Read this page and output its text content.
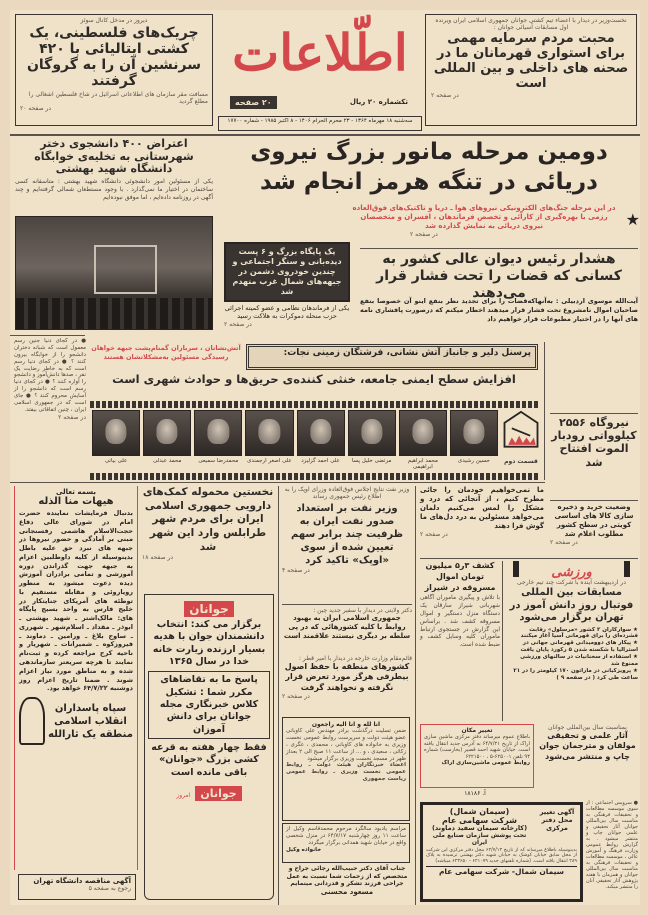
دیروز در مدخل کانال سوئز
چریک‌های فلسطینی، یک کشتی ایتالیائی با ۴۲۰ سرنشین آن را به گروگان گرفتند
مسافت مقر سازمان های اطلاعاتی اسرائیل در شاخ فلسطین اشغالی را مطلع گردید
در صفحه ۲۰
اطّلاعات
۲۰ صفحه	تکشماره ۲۰ ریال
نخست‌وزیر در دیدار با اعضاء تیم کشتی جوانان جمهوری اسلامی ایران ویرنده اول مسابقات آسیائی جوانان :
محبت مردم سرمایه مهمی برای استواری قهرمانان ما در صحنه های داخلی و بین المللی است
در صفحه ۲
سه‌شنبه ۱۸ مهرماه ۱۳۶۴ - ۲۳ محرم الحرام ۱۴۰۶ - ۸ اکتبر ۱۹۸۵ - شماره ۱۷۷۰۰
اعتراض ۴۰۰ دانشجوی دختر شهرستانی به تخلیه‌ی خوابگاه دانشگاه شهید بهشتی
یکی از مسئولین امور دانشجوئی دانشگاه شهید بهشتی : متاسفانه کسی ساختمان در اختیار ما نمی‌گذارد . با وجود مستطعان شمالی گرفته‌ایم و چند آگهی در روزنامه داده‌ایم ، اما موفق نبوده‌ایم
دومین مرحله مانور بزرگ نیروی دریائی در تنگه هرمز انجام شد
★
در این مرحله جنگ‌های الکترونیکی نیروهای هوا ـ دریا و تاکتیک‌های فوق‌العاده رزمی با بهره‌گیری از کارآئی و تخصص فرماندهان ، افسران و متخصصان نیروی دریائی به نمایش گذارده شد
در صفحه ۲
یک پایگاه بزرگ و ۶ پست دیده‌بانی و سنگر اجتماعی و چندین خودروی دشمن در جبهه‌های شمال غرب منهدم شد
یکی از فرماندهان نظامی و عضو کمیته اجرائی حزب منحله دموکرات به هلاکت رسید
در صفحه ۲
هشدار رئیس دیوان عالی کشور به کسانی که قضات را تحت فشار قرار می‌دهند
آیت‌الله موسوی اردبیلی : به‌آنهاکه‌قضات را برای تجدید نظر بنفع اینو آن خصوصا بنفع صاحبان اموال نامشروع تحت فشار قرار میدهند اخطار میکنم که درصورت پافشاری نامه های آنها را در اختیار مطبوعات قرار خواهیم داد
● در کجای دنیا جنین رسم معمول است که شبانه دختران دانشجو را از خوابگاه بیرون کنند ؟ ● در کجای دنیا رسم است که به خاطر رضایت یک نفر ، صدها دانش‌آموز و دانشجو را آواره کنند ؟ ● در کجای دنیا رسم است که دانشجو را از آسایش محروم کنند ؟ ● جای است که در جمهوری اسلامی ایران ، چنین اتفاقاتی بیفتد.
در صفحه ۲
آتش‌نشانان ، سربازان گمنام‌پشت جبهه خواهان رسیدگی مسئولین به‌مشکلاتشان هستند	پرسنل دلیر و جانباز آتش نشانی، فرشتگان زمینی نجات:
افزایش سطح ایمنی جامعه، خنثی کننده‌ی حریق‌ها و حوادث شهری است
قسمت دوم
حسین رشیدی
محمد ابراهیم ابراهیمی
مرتضی خلیل پسا
علی احمد گزلیزد
علی اصغر ارجمندی
محمدرضا سمیعی
محمد عبدلی
علی بیاتی
نیروگاه ۲۵۵۶ کیلوواتی رودبار الموت افتتاح شد
وضعیت خرید و ذخیره سازی کالا های اساسی کویتی در سطح کشور مطلوب اعلام شد
در صفحه ۲
بسمه تعالی
هیهات منا الذله
بدنبال فرمایشات نماینده حضرت امام در شورای عالی دفاع حجت‌الاسلام هاشمی رفسنجانی مبنی بر آمادگی و حضور نیروها در جبهه های نبرد حق علیه باطل بدینوسیله از کلیه داوطلبین اعزام به جبهه جهت گذراندن دوره آموزشی و تمامی برادران آموزش دیده دعوت میشود به منظور رویاروئی و مقابله مستقیم با توطئه های آمریکای جنایتکار در خلیج فارس به واحد بسیج پایگاه های: مالک‌اشتر ـ شهید بهشتی ـ ابوذر ـ مقداد ـ اسلام‌شهر ـ شهرری ـ ساوج بلاغ ـ ورامین ـ دماوند ـ فیروزکوه ـ شمیرانات ـ شهریار و ناحیه کرج مراجعه کرده و ثبت‌نام نمایند تا هرچه سریعتر سازماندهی شده و به مناطق مورد نیاز اعزام شوند . ضمنا تاریخ اعزام روز دوشنبه ۶۴/۷/۲۲ خواهد بود.
سپاه پاسداران انقلاب اسلامی منطقه یک ثارالله
آگهی مناقصه دانشگاه تهران
رجوع به صفحه ۵
نخستین محموله کمک‌های دارویی جمهوری اسلامی ایران برای مردم شهر طرابلس وارد این شهر شد
در صفحه ۱۸
جوانان
برگزار می کند: انتخاب دانشمندان جوان با هدیه بسیار ارزنده زیارت خانه خدا در سال ۱۳۶۵
پاسخ ما به تقاضاهای مکرر شما : تشکیل کلاس خبرنگاری مجله جوانان برای دانش آموزان
فقط چهار هفته به قرعه کشی بزرگ «جوانان» باقی مانده است
جوانان امروز
وزیر نفت نتایج اجلاس فوق‌العاده وزرای اوپک را به اطلاع رئیس جمهوری رساند
وزیر نفت بر استعداد صدور نفت ایران به ظرفیت چند برابر سهم تعیین شده از سوی «اوپک» تاکید کرد
در صفحه ۴
دکتر ولایتی در دیدار با سفیر جدید چین :
جمهوری اسلامی ایران به بهبود روابط با کلیه کشورهائی که در پی سلطه بر دیگری نیستند علاقمند است
قائم‌مقام وزارت خارجه در دیدار با امیر قطر :
کشورهای منطقه با حفظ اصول بیطرفی هرگز مورد تعرض قرار نگرفته و نخواهند گرفت
در صفحه ۲
انا لله و انا الیه راجعون
ضمن تسلیت درگذشت برادر مهندس علی کاوبانی عضو هیئت دولت و سرپرست روابط عمومی نخست وزیری به خانواده های کاوبانی ، محمدی ، عگری ، زکائی ، سعیدی ، و ... از ساعت ۱۱ صبح الی ۲ بعداز ظهر در مسجد نخست وزیری برگزار میشود
اعضاء خبرنگاران هیئت دولت ـ روابط عمومی نخست وزیری ـ روابط عمومی ریاست جمهوری
مراسم یادبود سالگرد مرحوم محمدقاسم وکیل از ساعت ۱۱ روز چهارشنبه ۶۴/۷/۱۷ در منزل شخصی واقع در خیابان شهید همدانی برگزار میگردد
خانواده وکیل
جناب آقای دکتر حبیب‌الله رجائی جراح و متخصص که از زحمات شما نسبت به عمل جراحی فرزند تشکر و قدردانی مینمایم
مسعود محسنی
ما نمی‌خواهیم خودمان را جائی مطرح کنیم ، از آنجائی که درد و مشکل را لمس می‌کنیم دلمان می‌خواهد مسئولین به درد دل‌های ما گوش فرا دهند
در صفحه ۲
کشف ۳ر۵ میلیون تومان اموال مسروقه در شیراز
با تلاش و پیگیری ماموران آگاهی شهربانی شیراز سارقان یک دستگاه منزل دستگیر و اموال مسروقه کشف شد . براساس این گزارش در جستجوی ارتباط ماموران کلیه وسایل کشف و ضبط شده است.
ورزشی
در اردیبهشت آینده با شرکت چند تیم خارجی
مسابقات بین المللی فوتبال روز دانش آموز در تهران برگزار می‌شود
★ سوارکاران ۲ کشور «مرسلول» رقابت فشرده‌ای را برای قهرمانی آسیا آغاز میکنند
★ پیکار های دوومیدانی قهرمانی جهانی در استرالیا با شکسته شدن ۵ رکورد پایان یافت
★ استفاده از سخنانیات در سالنهای ورزشی ممنوع شد
★ پرویزکیانی در ماراتون ۱۷۰ کیلومتر را در ۲۱ ساعت طی کرد ( در صفحه ۹ )
تغییر مکان
باطلاع عموم میرساند دفتر مرکزی ماشین سازی اراک از تاریخ ۶۴/۷/۲۱ به آدرس جدید انتقال یافته است. خیابان شهید احمد قصیر (بخارست) شماره ۹۴ تلفن ۶۲۵۰۰۱-۵ ، ۶۲۲۱۵۰۰
روابط عمومی ماشین‌سازی اراک
آ. ۱۸۱۸۶
بمناسبت سال بین‌المللی جوانان
آثار علمی و تحقیقی مولفان و مترجمان جوان چاپ و منتشر می‌شود
● سرویس اجتماعی : از سوی موسسه مطالعات و تحقیقات فرهنگی به مناسبت سال بین‌المللی جوانان آثار تحقیقی و علمی جوانان چاپ و منتشر میشود . به گزارش روابط عمومی وزارت فرهنگ و آموزش عالی ، موسسه مطالعات و تحقیقات فرهنگی به مناسبت سال بین‌المللی جوانان و همزمان با هفته پژوهش آثار تحقیقی آنان را منتشر میکند.
آگهی تغییر محل دفتر مرکزی
(سیمان شمال)
شرکت سهامی عام
(کارخانه سیمان سفید دماوند)
تحت پوشش سازمان صنایع ملی ایران
بدینوسیله باطلاع میرساند که از تاریخ ۶۴/۷/۱۳ محل دفتر مرکزی این شرکت از محل سابق خیابان کوشک به خیابان شهید دکتر بهشتی ترسیده به پلاک ۲۸۹ انتقال یافته است. (شماره تلفنهای جدید ۶۲۱۰۷۹ - ۶۲۳۶۵۰ میباشد)
سیمان شمال- شرکت سهامی عام
